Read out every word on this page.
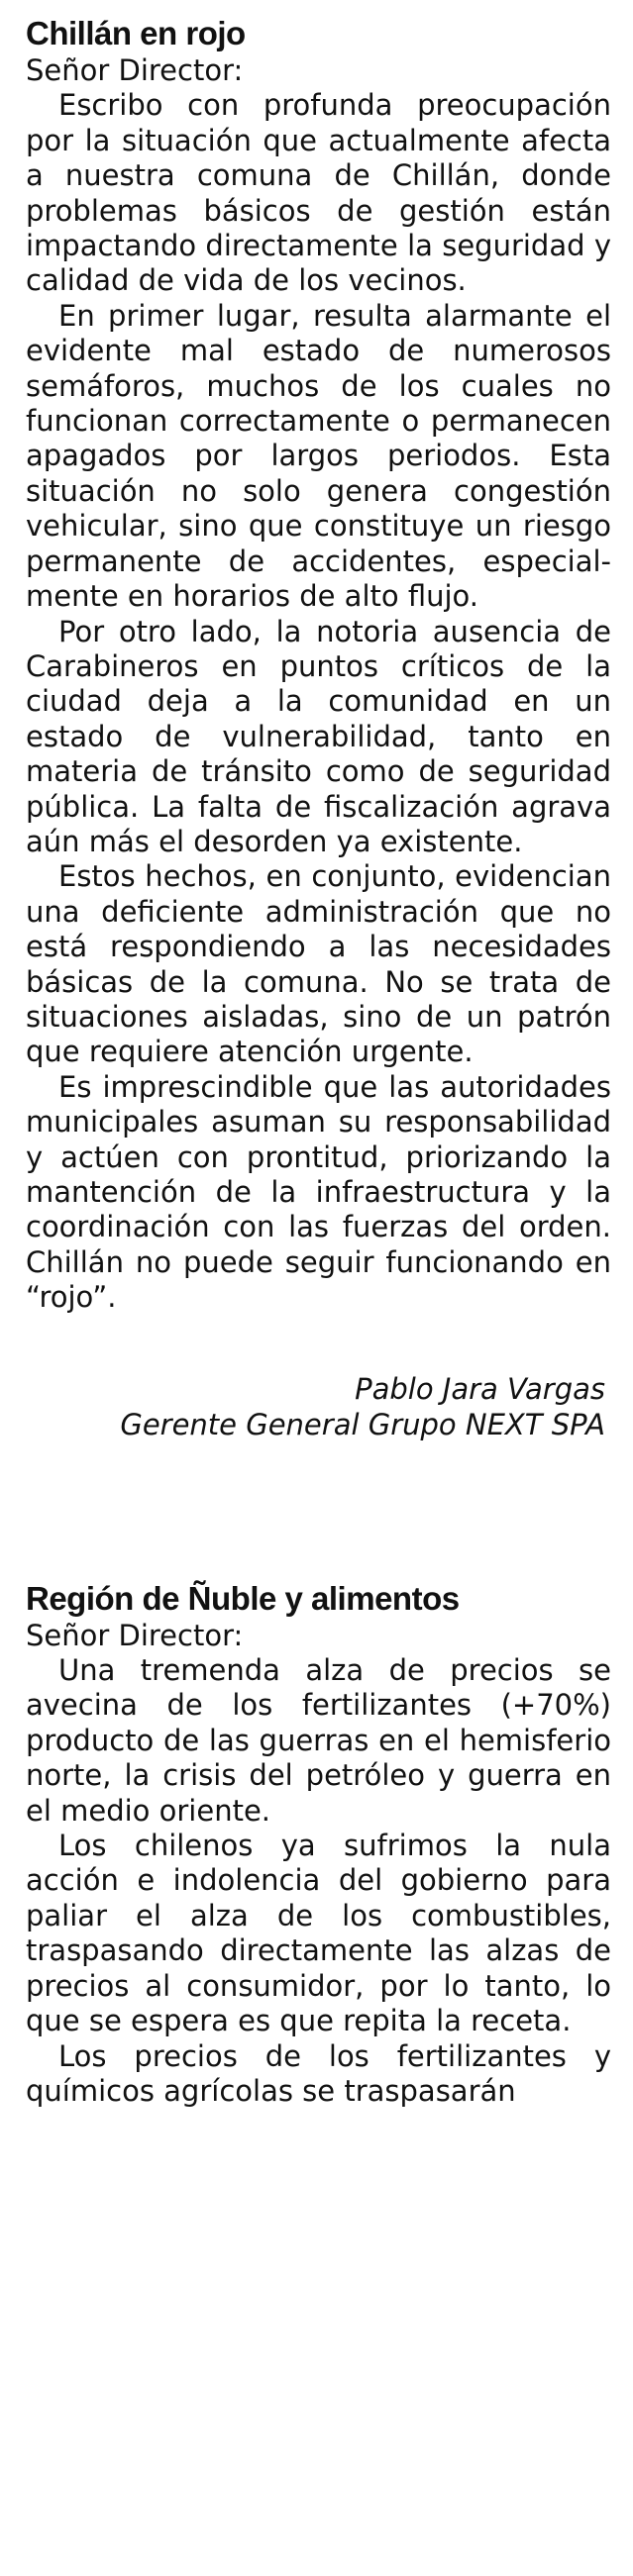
Chillán en rojo

Señor Director:

Escribo con profunda preocupación por la situación que actualmente afecta a nuestra comuna de Chillán, donde problemas básicos de gestión están impactando directamente la seguridad y calidad de vida de los vecinos.

En primer lugar, resulta alarmante el evidente mal estado de numerosos semáforos, muchos de los cuales no funcionan correctamente o permanecen apagados por largos periodos. Esta situación no solo genera congestión vehicular, sino que constituye un riesgo permanente de accidentes, especialmente en horarios de alto flujo.

Por otro lado, la notoria ausencia de Carabineros en puntos críticos de la ciudad deja a la comunidad en un estado de vulnerabilidad, tanto en materia de tránsito como de seguridad pública. La falta de fiscalización agrava aún más el desorden ya existente.

Estos hechos, en conjunto, evidencian una deficiente administración que no está respondiendo a las necesidades básicas de la comuna. No se trata de situaciones aisladas, sino de un patrón que requiere atención urgente.

Es imprescindible que las autoridades municipales asuman su responsabilidad y actúen con prontitud, priorizando la mantención de la infraestructura y la coordinación con las fuerzas del orden. Chillán no puede seguir funcionando en “rojo”.

Pablo Jara Vargas

Gerente General Grupo NEXT SPA

Región de Ñuble y alimentos

Señor Director:

Una tremenda alza de precios se avecina de los fertilizantes (+70%) producto de las guerras en el hemisferio norte, la crisis del petróleo y guerra en el medio oriente.

Los chilenos ya sufrimos la nula acción e indolencia del gobierno para paliar el alza de los combustibles, traspasando directamente las alzas de precios al consumidor, por lo tanto, lo que se espera es que repita la receta.

Los precios de los fertilizantes y químicos agrícolas se traspasarán
